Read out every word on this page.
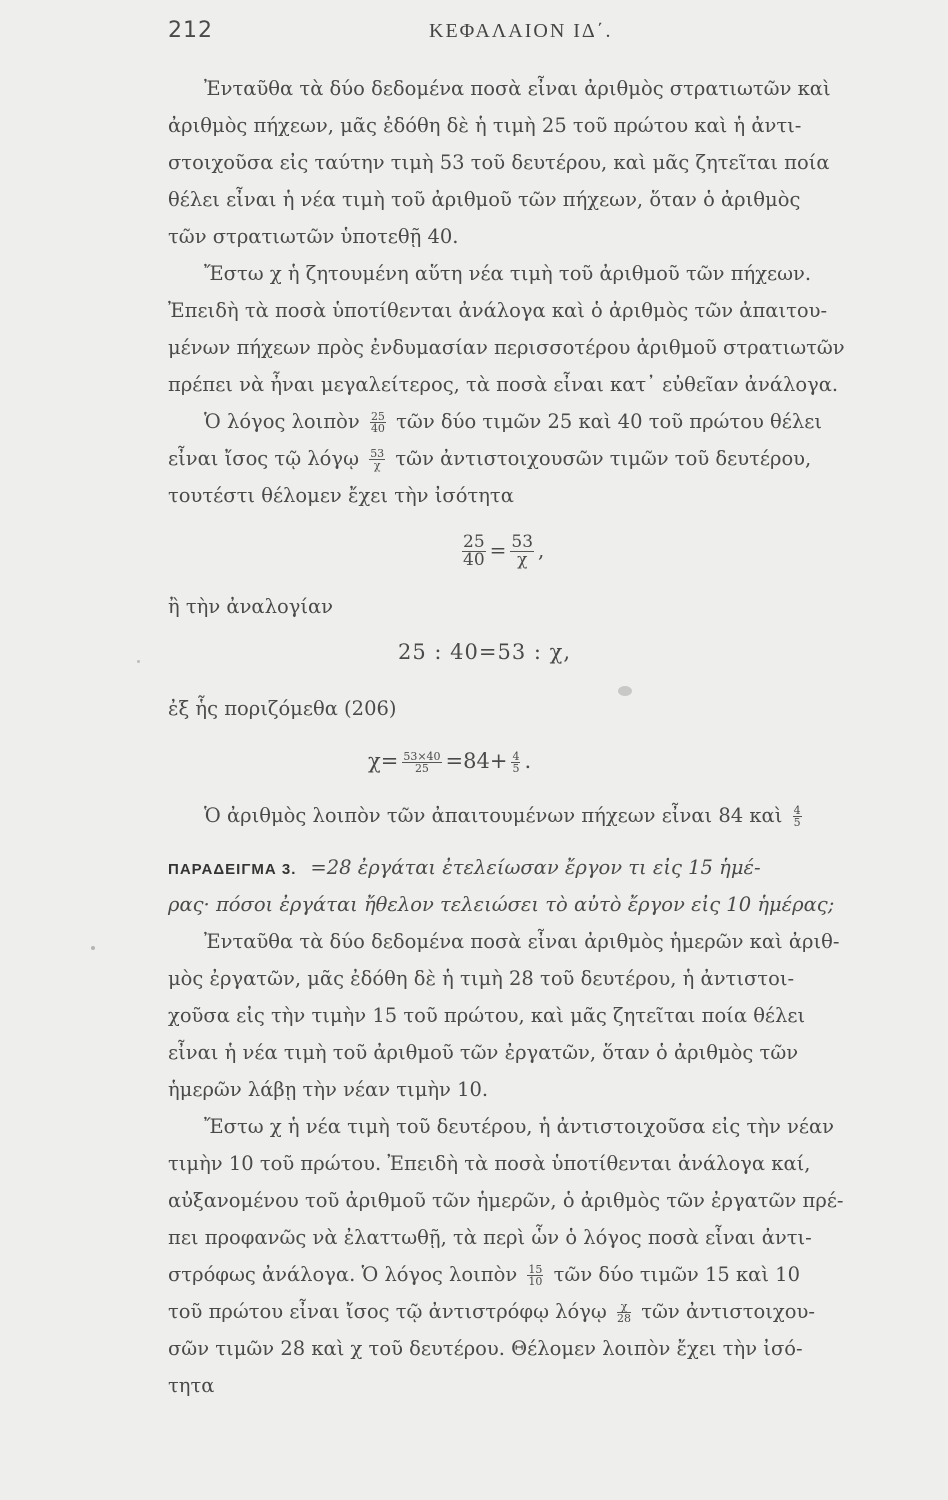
212	ΚΕΦΑΛΑΙΟΝ ΙΔ΄.
Ἐνταῦθα τὰ δύο δεδομένα ποσὰ εἶναι ἀριθμὸς στρατιωτῶν καὶ
ἀριθμὸς πήχεων, μᾶς ἐδόθη δὲ ἡ τιμὴ 25 τοῦ πρώτου καὶ ἡ ἀντι-
στοιχοῦσα εἰς ταύτην τιμὴ 53 τοῦ δευτέρου, καὶ μᾶς ζητεῖται ποία
θέλει εἶναι ἡ νέα τιμὴ τοῦ ἀριθμοῦ τῶν πήχεων, ὅταν ὁ ἀριθμὸς
τῶν στρατιωτῶν ὑποτεθῇ 40.
Ἔστω χ ἡ ζητουμένη αὕτη νέα τιμὴ τοῦ ἀριθμοῦ τῶν πήχεων.
Ἐπειδὴ τὰ ποσὰ ὑποτίθενται ἀνάλογα καὶ ὁ ἀριθμὸς τῶν ἀπαιτου-
μένων πήχεων πρὸς ἐνδυμασίαν περισσοτέρου ἀριθμοῦ στρατιωτῶν
πρέπει νὰ ἦναι μεγαλείτερος, τὰ ποσὰ εἶναι κατ᾽ εὐθεῖαν ἀνάλογα.
Ὁ λόγος λοιπὸν $\frac{25}{40}$ τῶν δύο τιμῶν 25 καὶ 40 τοῦ πρώτου θέλει
εἶναι ἴσος τῷ λόγῳ $\frac{53}{\chi}$ τῶν ἀντιστοιχουσῶν τιμῶν τοῦ δευτέρου,
τουτέστι θέλομεν ἔχει τὴν ἰσότητα
$\frac{25}{40} = \frac{53}{\chi}$ ,
ἢ τὴν ἀναλογίαν
25 : 40=53 : χ,
ἐξ ἧς ποριζόμεθα (206)
$\chi= \frac{53\times 40}{25} =84+ \frac{4}{5}$ .
Ὁ ἀριθμὸς λοιπὸν τῶν ἀπαιτουμένων πήχεων εἶναι 84 καὶ $\frac{4}{5}$
ΠΑΡΑΔΕΙΓΜΑ 3. =28 ἐργάται ἐτελείωσαν ἔργον τι εἰς 15 ἡμέ-
ρας· πόσοι ἐργάται ἤθελον τελειώσει τὸ αὐτὸ ἔργον εἰς 10 ἡμέρας;
Ἐνταῦθα τὰ δύο δεδομένα ποσὰ εἶναι ἀριθμὸς ἡμερῶν καὶ ἀριθ-
μὸς ἐργατῶν, μᾶς ἐδόθη δὲ ἡ τιμὴ 28 τοῦ δευτέρου, ἡ ἀντιστοι-
χοῦσα εἰς τὴν τιμὴν 15 τοῦ πρώτου, καὶ μᾶς ζητεῖται ποία θέλει
εἶναι ἡ νέα τιμὴ τοῦ ἀριθμοῦ τῶν ἐργατῶν, ὅταν ὁ ἀριθμὸς τῶν
ἡμερῶν λάβῃ τὴν νέαν τιμὴν 10.
Ἔστω χ ἡ νέα τιμὴ τοῦ δευτέρου, ἡ ἀντιστοιχοῦσα εἰς τὴν νέαν
τιμὴν 10 τοῦ πρώτου. Ἐπειδὴ τὰ ποσὰ ὑποτίθενται ἀνάλογα καί,
αὐξανομένου τοῦ ἀριθμοῦ τῶν ἡμερῶν, ὁ ἀριθμὸς τῶν ἐργατῶν πρέ-
πει προφανῶς νὰ ἐλαττωθῇ, τὰ περὶ ὧν ὁ λόγος ποσὰ εἶναι ἀντι-
στρόφως ἀνάλογα. Ὁ λόγος λοιπὸν $\frac{15}{10}$ τῶν δύο τιμῶν 15 καὶ 10
τοῦ πρώτου εἶναι ἴσος τῷ ἀντιστρόφῳ λόγῳ $\frac{\chi}{28}$ τῶν ἀντιστοιχου-
σῶν τιμῶν 28 καὶ χ τοῦ δευτέρου. Θέλομεν λοιπὸν ἔχει τὴν ἰσό-
τητα
